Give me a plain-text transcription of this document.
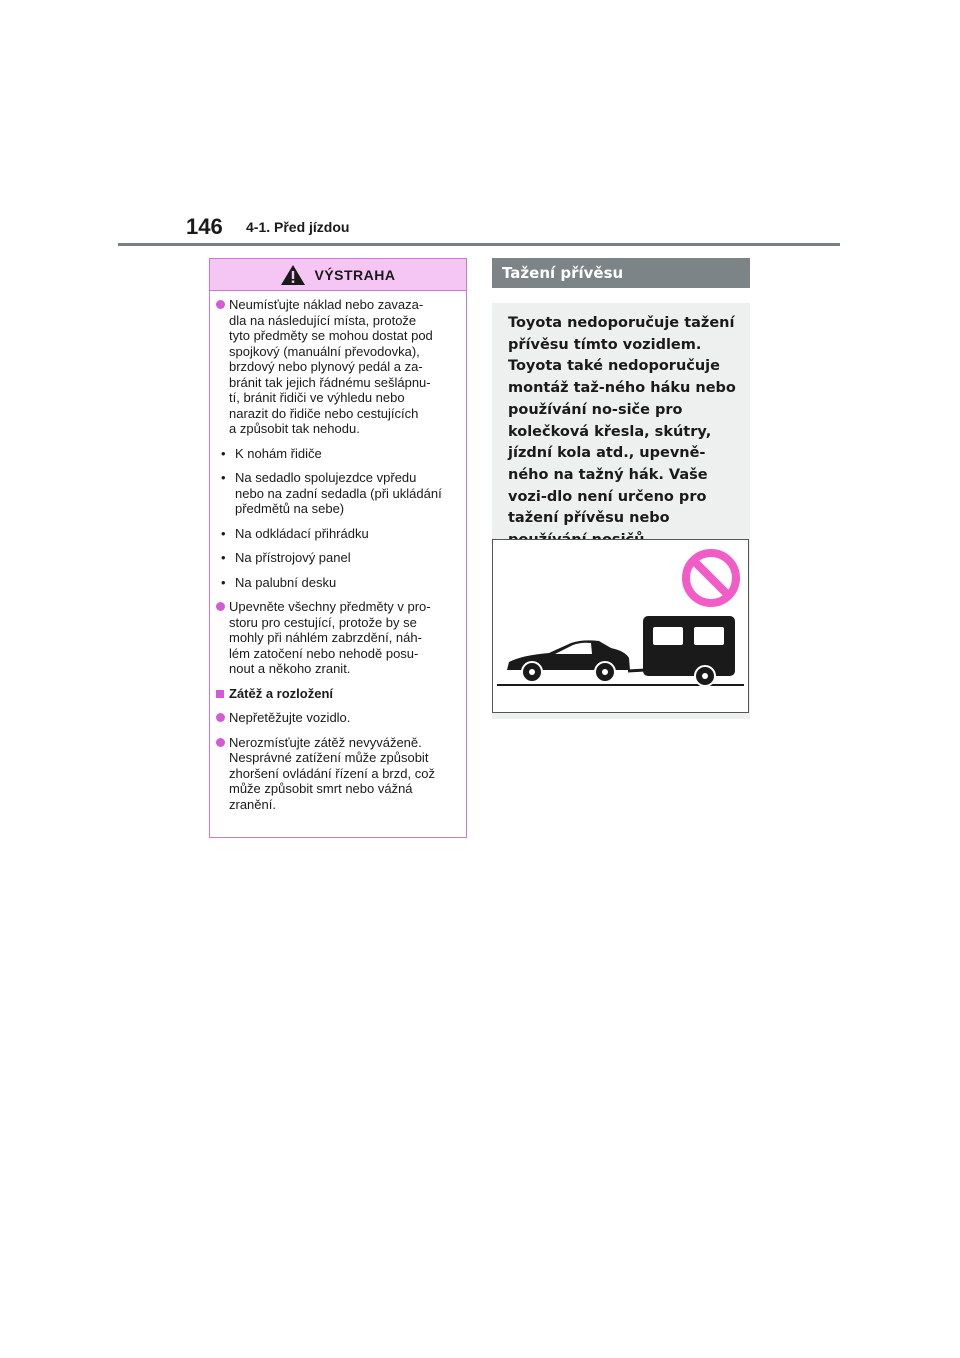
146 4-1. Před jízdou
VÝSTRAHA
Neumísťujte náklad nebo zavaza-
dla na následující místa, protože
tyto předměty se mohou dostat pod
spojkový (manuální převodovka),
brzdový nebo plynový pedál a za-
bránit tak jejich řádnému sešlápnu-
tí, bránit řidiči ve výhledu nebo
narazit do řidiče nebo cestujících
a způsobit tak nehodu.
• K nohám řidiče
• Na sedadlo spolujezdce vpředu
nebo na zadní sedadla (při ukládání
předmětů na sebe)
• Na odkládací přihrádku
• Na přístrojový panel
• Na palubní desku
Upevněte všechny předměty v pro-
storu pro cestující, protože by se
mohly při náhlém zabrzdění, náh-
lém zatočení nebo nehodě posu-
nout a někoho zranit.
Zátěž a rozložení
Nepřetěžujte vozidlo.
Nerozmísťujte zátěž nevyváženě.
Nesprávné zatížení může způsobit
zhoršení ovládání řízení a brzd, což
může způsobit smrt nebo vážná
zranění.
Tažení přívěsu

Toyota nedoporučuje tažení přívěsu tímto vozidlem. Toyota také nedoporučuje montáž taž-ného háku nebo používání no-siče pro kolečková křesla, skútry, jízdní kola atd., upevně-ného na tažný hák. Vaše vozi-dlo není určeno pro tažení přívěsu nebo
